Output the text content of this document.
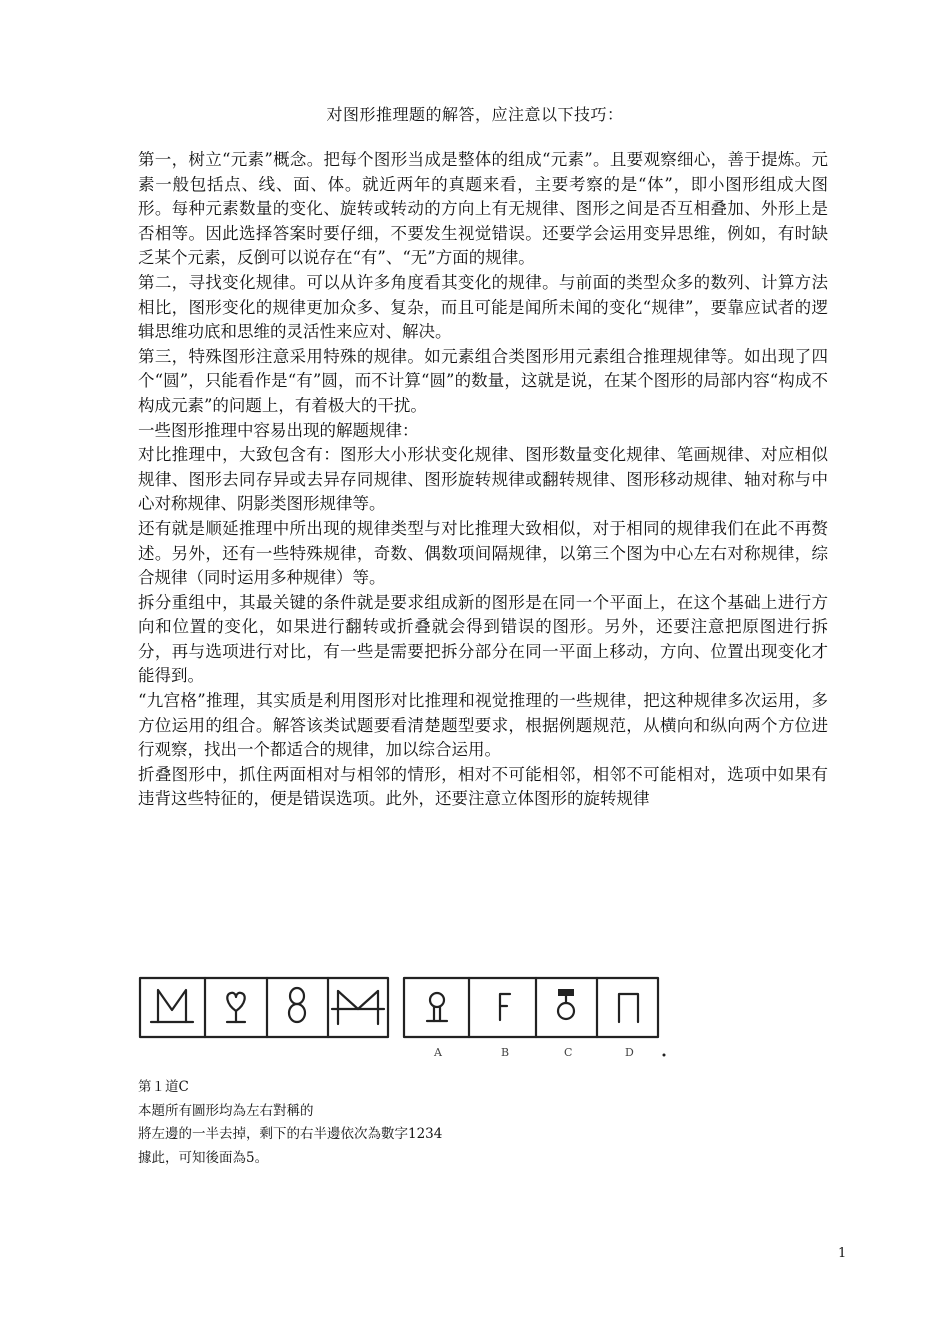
对图形推理题的解答，应注意以下技巧：

第一，树立“元素”概念。把每个图形当成是整体的组成“元素”。且要观察细心，善于提炼。元素一般包括点、线、面、体。就近两年的真题来看，主要考察的是“体”，即小图形组成大图形。每种元素数量的变化、旋转或转动的方向上有无规律、图形之间是否互相叠加、外形上是否相等。因此选择答案时要仔细，不要发生视觉错误。还要学会运用变异思维，例如，有时缺乏某个元素，反倒可以说存在“有”、“无”方面的规律。

第二，寻找变化规律。可以从许多角度看其变化的规律。与前面的类型众多的数列、计算方法相比，图形变化的规律更加众多、复杂，而且可能是闻所未闻的变化“规律”，要靠应试者的逻辑思维功底和思维的灵活性来应对、解决。

第三，特殊图形注意采用特殊的规律。如元素组合类图形用元素组合推理规律等。如出现了四个“圆”，只能看作是“有”圆，而不计算“圆”的数量，这就是说，在某个图形的局部内容“构成不构成元素”的问题上，有着极大的干扰。

一些图形推理中容易出现的解题规律：

对比推理中，大致包含有：图形大小形状变化规律、图形数量变化规律、笔画规律、对应相似规律、图形去同存异或去异存同规律、图形旋转规律或翻转规律、图形移动规律、轴对称与中心对称规律、阴影类图形规律等。

还有就是顺延推理中所出现的规律类型与对比推理大致相似，对于相同的规律我们在此不再赘述。另外，还有一些特殊规律，奇数、偶数项间隔规律，以第三个图为中心左右对称规律，综合规律（同时运用多种规律）等。

拆分重组中，其最关键的条件就是要求组成新的图形是在同一个平面上，在这个基础上进行方向和位置的变化，如果进行翻转或折叠就会得到错误的图形。另外，还要注意把原图进行拆分，再与选项进行对比，有一些是需要把拆分部分在同一平面上移动，方向、位置出现变化才能得到。

“九宫格”推理，其实质是利用图形对比推理和视觉推理的一些规律，把这种规律多次运用，多方位运用的组合。解答该类试题要看清楚题型要求，根据例题规范，从横向和纵向两个方位进行观察，找出一个都适合的规律，加以综合运用。

折叠图形中，抓住两面相对与相邻的情形，相对不可能相邻，相邻不可能相对，选项中如果有违背这些特征的，便是错误选项。此外，还要注意立体图形的旋转规律

A	B	C	D
第１道C
本題所有圖形均為左右對稱的
將左邊的一半去掉，剩下的右半邊依次為數字1234
據此，可知後面為5。
1
